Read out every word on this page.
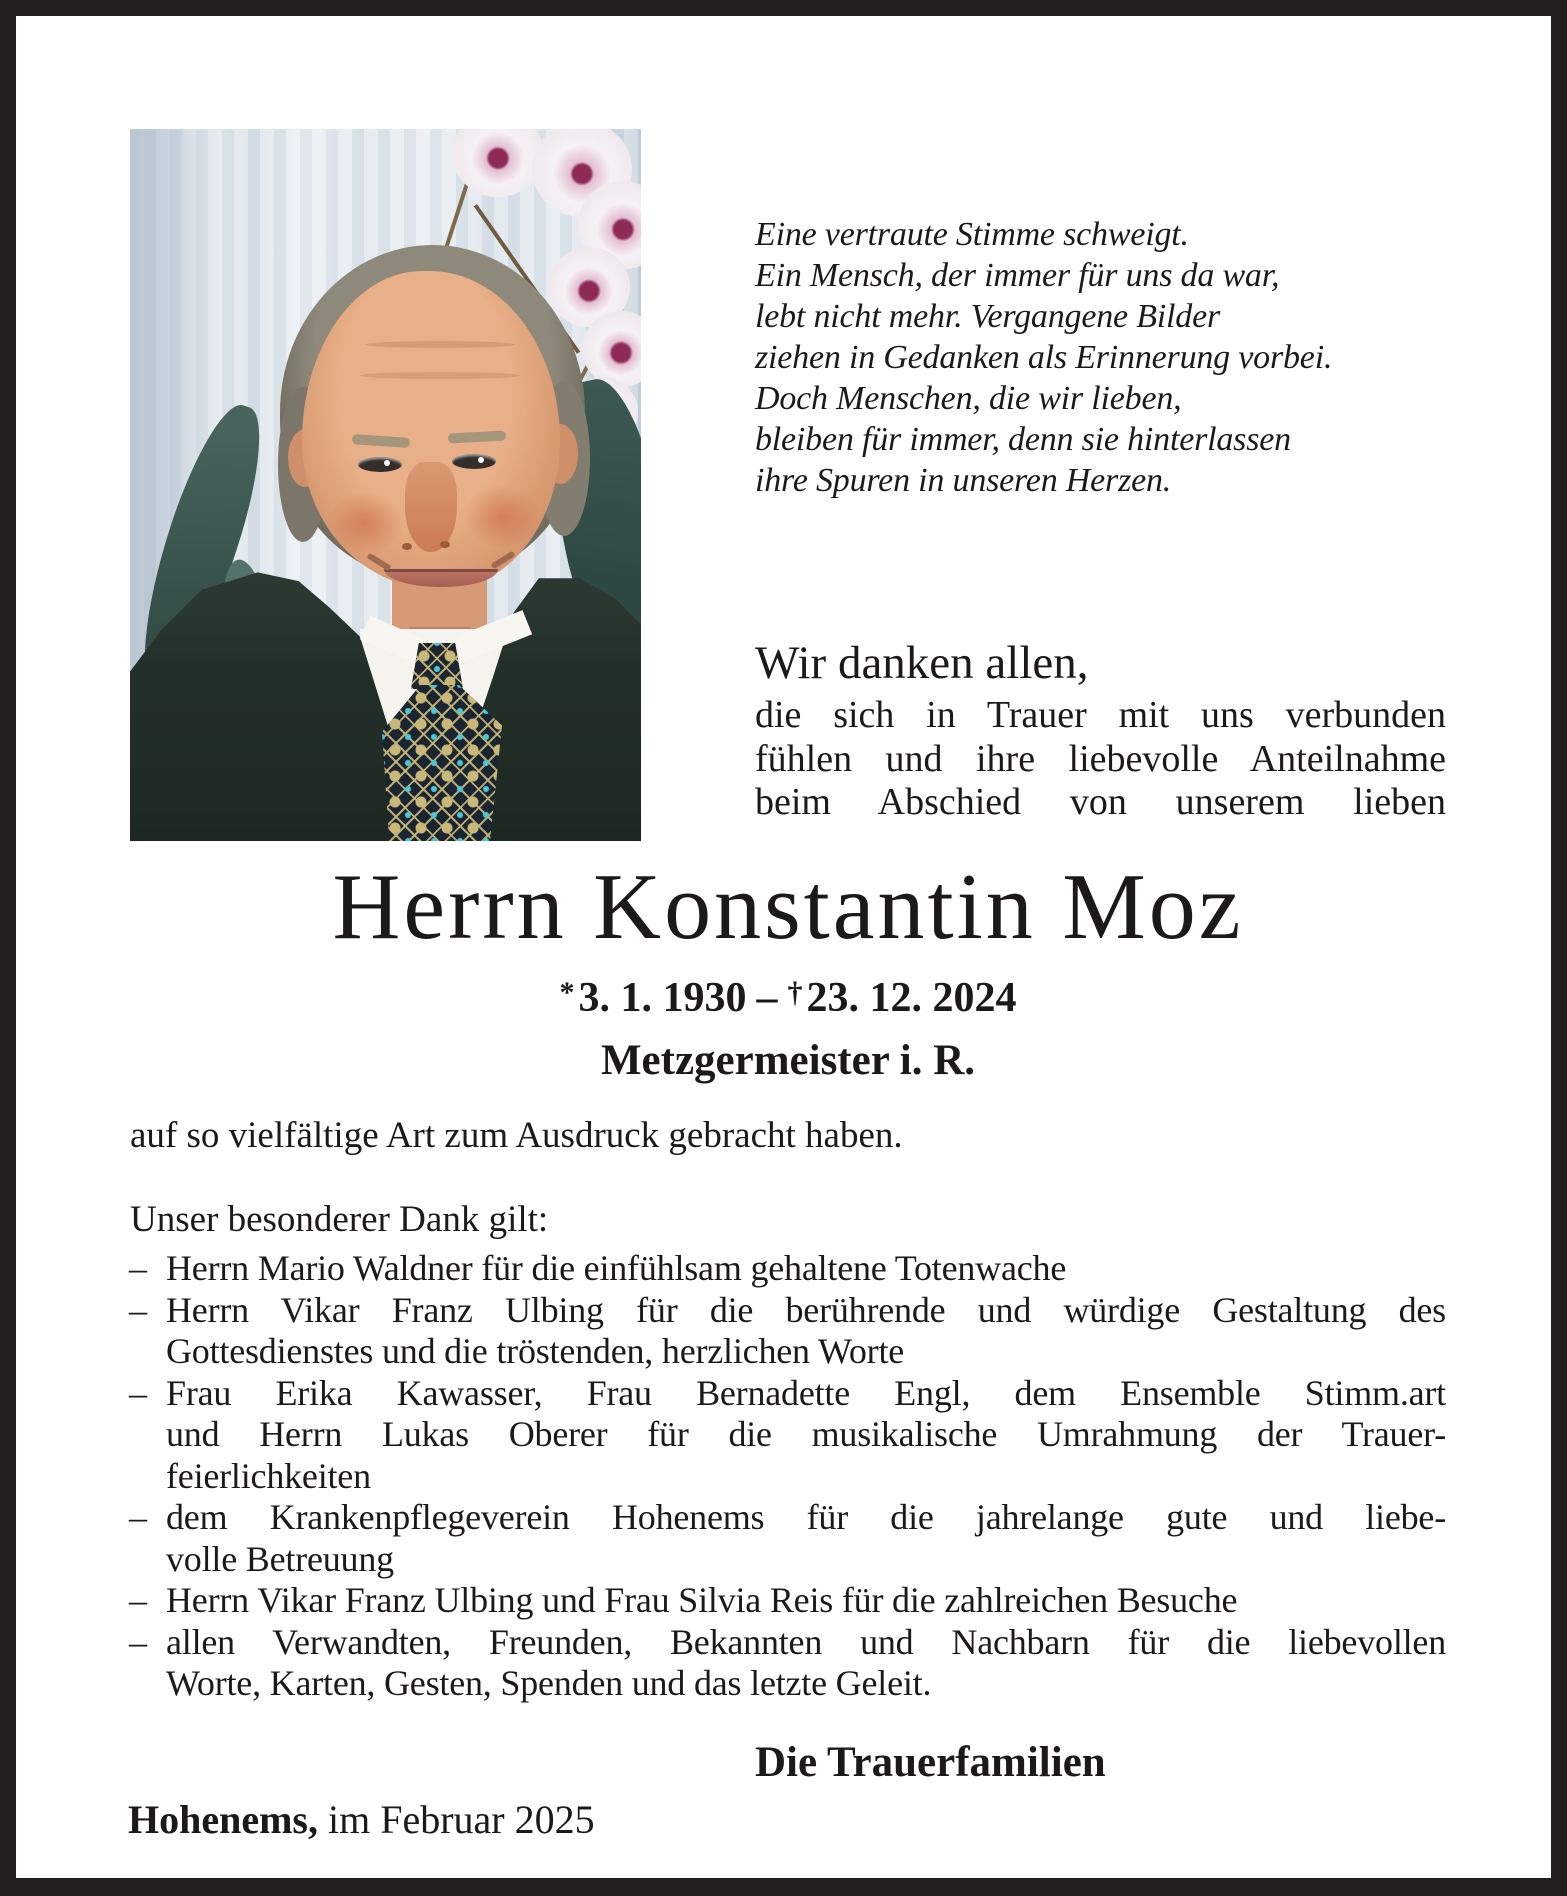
Eine vertraute Stimme schweigt.
Ein Mensch, der immer für uns da war,
lebt nicht mehr. Vergangene Bilder
ziehen in Gedanken als Erinnerung vorbei.
Doch Menschen, die wir lieben,
bleiben für immer, denn sie hinterlassen
ihre Spuren in unseren Herzen.
Wir danken allen,
die sich in Trauer mit uns verbunden
fühlen und ihre liebevolle Anteilnahme
beim Abschied von unserem lieben
Herrn Konstantin Moz
*3. 1. 1930 – †23. 12. 2024
Metzgermeister i. R.
auf so vielfältige Art zum Ausdruck gebracht haben.
Unser besonderer Dank gilt:
– Herrn Mario Waldner für die einfühlsam gehaltene Totenwache
– Herrn Vikar Franz Ulbing für die berührende und würdige Gestaltung des
Gottesdienstes und die tröstenden, herzlichen Worte
– Frau Erika Kawasser, Frau Bernadette Engl, dem Ensemble Stimm.art
und Herrn Lukas Oberer für die musikalische Umrahmung der Trauer-
feierlichkeiten
– dem Krankenpflegeverein Hohenems für die jahrelange gute und liebe-
volle Betreuung
– Herrn Vikar Franz Ulbing und Frau Silvia Reis für die zahlreichen Besuche
– allen Verwandten, Freunden, Bekannten und Nachbarn für die liebevollen
Worte, Karten, Gesten, Spenden und das letzte Geleit.
Die Trauerfamilien
Hohenems, im Februar 2025
